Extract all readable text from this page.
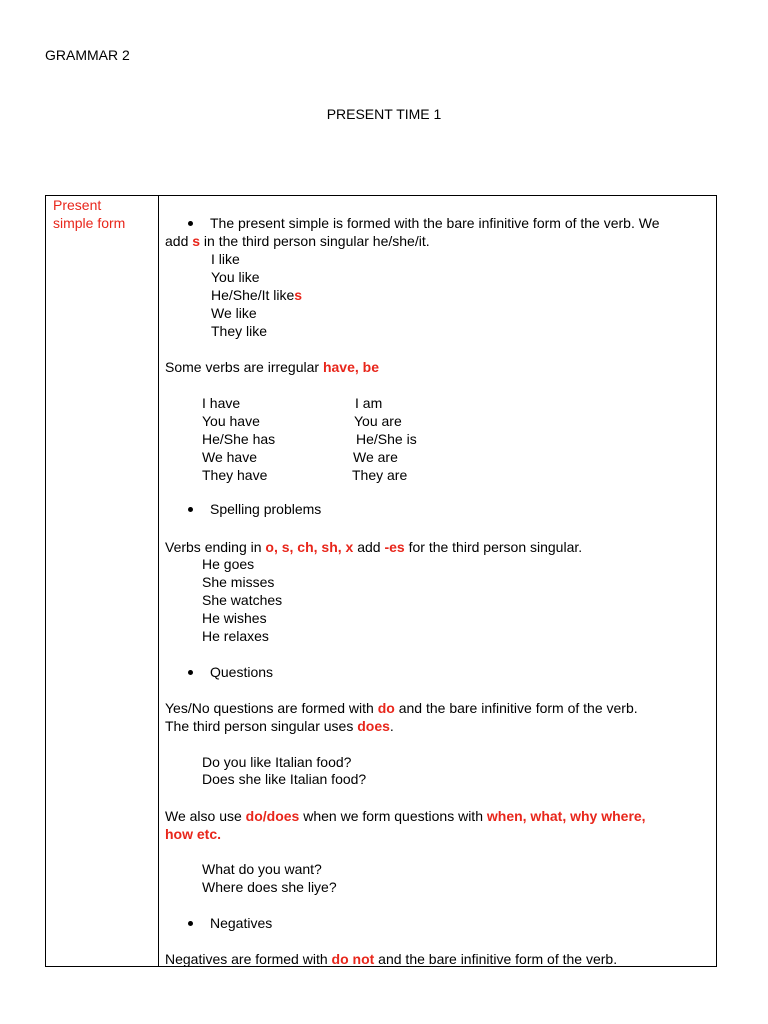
GRAMMAR 2
PRESENT TIME 1
Present
simple form	The present simple is formed with the bare infinitive form of the verb. We
add s in the third person singular he/she/it.
I like
You like
He/She/It likes
We like
They like
Some verbs are irregular have, be
I have
You have
He/She has
We have
They have
I am
You are
He/She is
We are
They are
Spelling problems
Verbs ending in o, s, ch, sh, x add -es for the third person singular.
He goes
She misses
She watches
He wishes
He relaxes
Questions
Yes/No questions are formed with do and the bare infinitive form of the verb.
The third person singular uses does.
Do you like Italian food?
Does she like Italian food?
We also use do/does when we form questions with when, what, why where,
how etc.
What do you want?
Where does she liye?
Negatives
Negatives are formed with do not and the bare infinitive form of the verb.
